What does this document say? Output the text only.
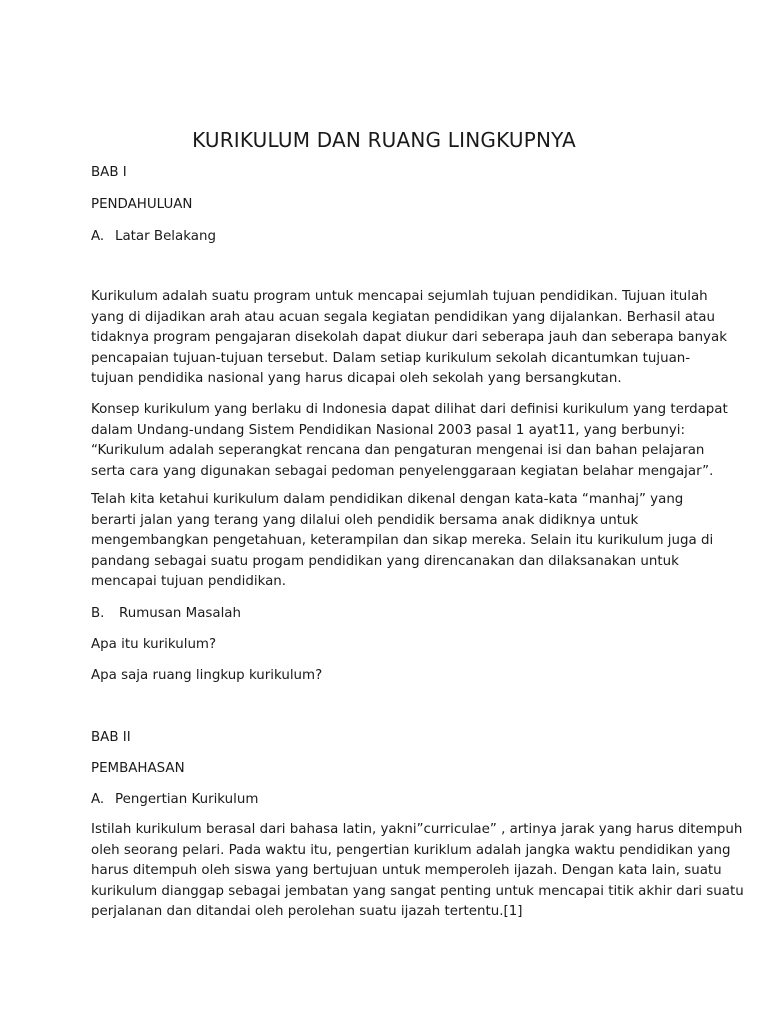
KURIKULUM DAN RUANG LINGKUPNYA
BAB I
PENDAHULUAN
A. Latar Belakang
Kurikulum adalah suatu program untuk mencapai sejumlah tujuan pendidikan. Tujuan itulah
yang di dijadikan arah atau acuan segala kegiatan pendidikan yang dijalankan. Berhasil atau
tidaknya program pengajaran disekolah dapat diukur dari seberapa jauh dan seberapa banyak
pencapaian tujuan-tujuan tersebut. Dalam setiap kurikulum sekolah dicantumkan tujuan-
tujuan pendidika nasional yang harus dicapai oleh sekolah yang bersangkutan.
Konsep kurikulum yang berlaku di Indonesia dapat dilihat dari definisi kurikulum yang terdapat
dalam Undang-undang Sistem Pendidikan Nasional 2003 pasal 1 ayat11, yang berbunyi:
“Kurikulum adalah seperangkat rencana dan pengaturan mengenai isi dan bahan pelajaran
serta cara yang digunakan sebagai pedoman penyelenggaraan kegiatan belahar mengajar”.
Telah kita ketahui kurikulum dalam pendidikan dikenal dengan kata-kata “manhaj” yang
berarti jalan yang terang yang dilalui oleh pendidik bersama anak didiknya untuk
mengembangkan pengetahuan, keterampilan dan sikap mereka. Selain itu kurikulum juga di
pandang sebagai suatu progam pendidikan yang direncanakan dan dilaksanakan untuk
mencapai tujuan pendidikan.
B. Rumusan Masalah
Apa itu kurikulum?
Apa saja ruang lingkup kurikulum?
BAB II
PEMBAHASAN
A. Pengertian Kurikulum
Istilah kurikulum berasal dari bahasa latin, yakni”curriculae” , artinya jarak yang harus ditempuh
oleh seorang pelari. Pada waktu itu, pengertian kuriklum adalah jangka waktu pendidikan yang
harus ditempuh oleh siswa yang bertujuan untuk memperoleh ijazah. Dengan kata lain, suatu
kurikulum dianggap sebagai jembatan yang sangat penting untuk mencapai titik akhir dari suatu
perjalanan dan ditandai oleh perolehan suatu ijazah tertentu.[1]
